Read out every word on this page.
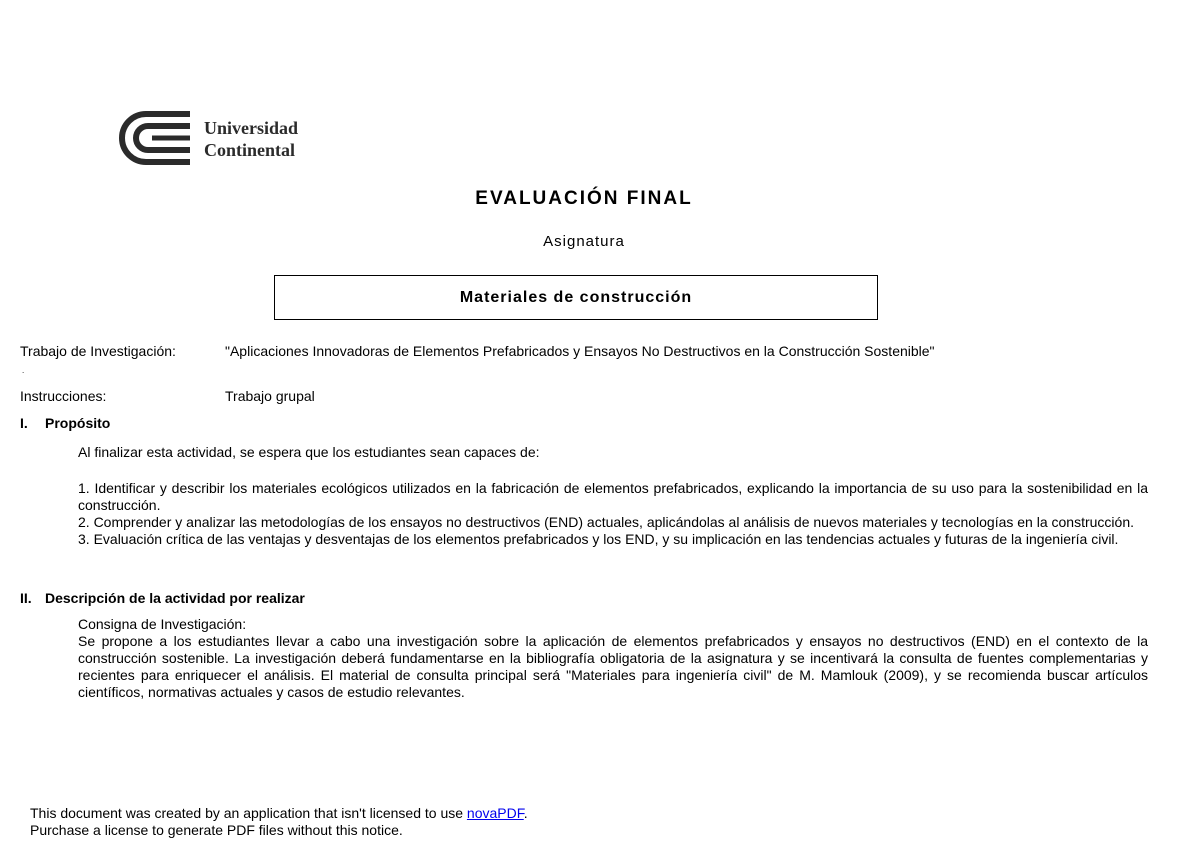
Universidad
Continental
EVALUACIÓN FINAL
Asignatura
Materiales de construcción
Trabajo de Investigación:	"Aplicaciones Innovadoras de Elementos Prefabricados y Ensayos No Destructivos en la Construcción Sostenible"
.
Instrucciones:	Trabajo grupal
I. Propósito
Al finalizar esta actividad, se espera que los estudiantes sean capaces de:
1. Identificar y describir los materiales ecológicos utilizados en la fabricación de elementos prefabricados, explicando la importancia de su uso para la sostenibilidad en la construcción.
2. Comprender y analizar las metodologías de los ensayos no destructivos (END) actuales, aplicándolas al análisis de nuevos materiales y tecnologías en la construcción.
3. Evaluación crítica de las ventajas y desventajas de los elementos prefabricados y los END, y su implicación en las tendencias actuales y futuras de la ingeniería civil.
II. Descripción de la actividad por realizar
Consigna de Investigación:
Se propone a los estudiantes llevar a cabo una investigación sobre la aplicación de elementos prefabricados y ensayos no destructivos (END) en el contexto de la construcción sostenible. La investigación deberá fundamentarse en la bibliografía obligatoria de la asignatura y se incentivará la consulta de fuentes complementarias y recientes para enriquecer el análisis. El material de consulta principal será "Materiales para ingeniería civil" de M. Mamlouk (2009), y se recomienda buscar artículos científicos, normativas actuales y casos de estudio relevantes.
This document was created by an application that isn't licensed to use novaPDF.
Purchase a license to generate PDF files without this notice.
